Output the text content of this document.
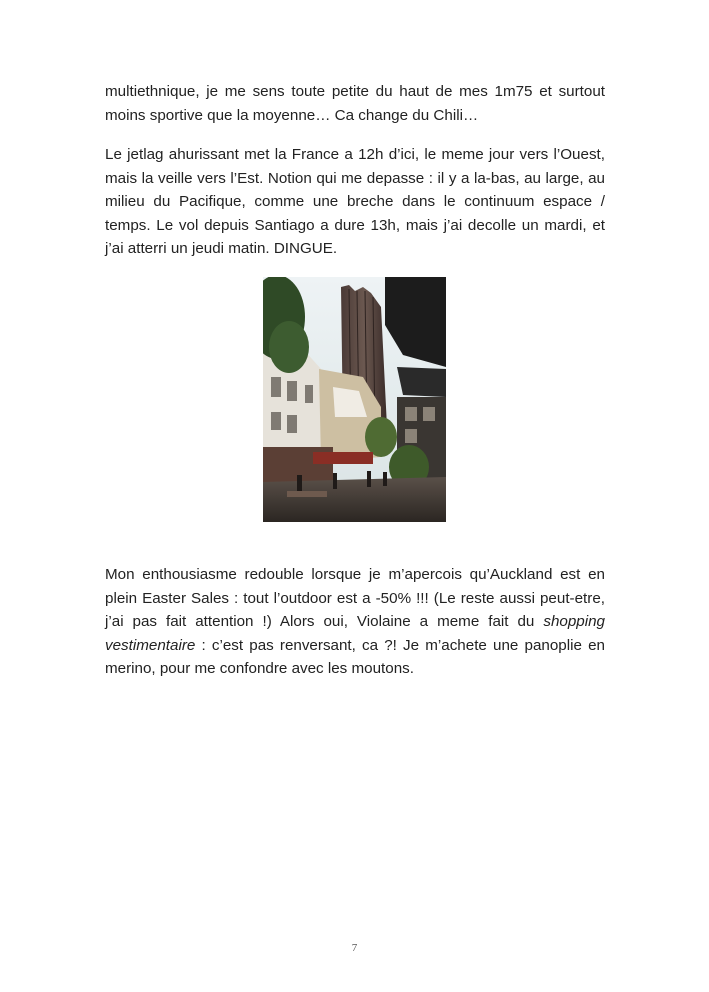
multiethnique, je me sens toute petite du haut de mes 1m75 et surtout moins sportive que la moyenne… Ca change du Chili…

Le jetlag ahurissant met la France a 12h d’ici, le meme jour vers l’Ouest, mais la veille vers l’Est. Notion qui me depasse : il y a la-bas, au large, au milieu du Pacifique, comme une breche dans le continuum espace / temps. Le vol depuis Santiago a dure 13h, mais j’ai decolle un mardi, et j’ai atterri un jeudi matin. DINGUE.

Mon enthousiasme redouble lorsque je m’apercois qu’Auckland est en plein Easter Sales : tout l’outdoor est a -50% !!! (Le reste aussi peut-etre, j’ai pas fait attention !) Alors oui, Violaine a meme fait du shopping vestimentaire : c’est pas renversant, ca ?! Je m’achete une panoplie en merino, pour me confondre avec les moutons.

7
